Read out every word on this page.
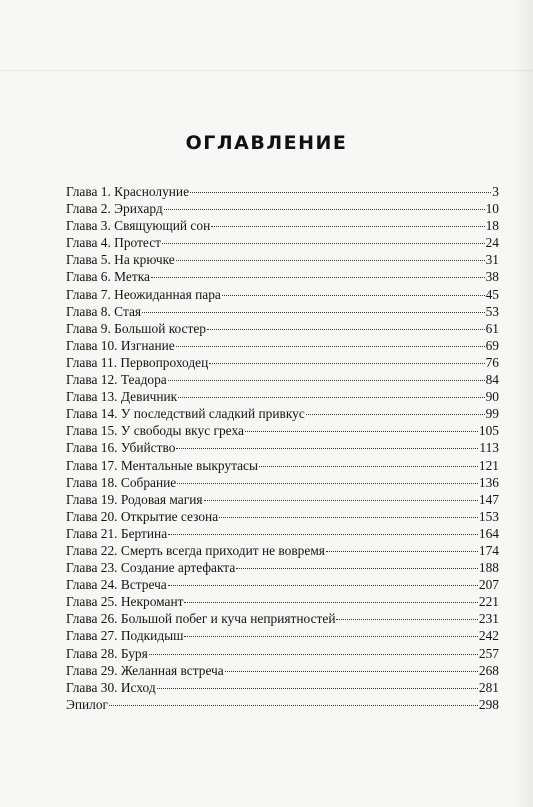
ОГЛАВЛЕНИЕ
Глава 1. Краснолуние	3
Глава 2. Эрихард	10
Глава 3. Свящующий сон	18
Глава 4. Протест	24
Глава 5. На крючке	31
Глава 6. Метка	38
Глава 7. Неожиданная пара	45
Глава 8. Стая	53
Глава 9. Большой костер	61
Глава 10. Изгнание	69
Глава 11. Первопроходец	76
Глава 12. Теадора	84
Глава 13. Девичник	90
Глава 14. У последствий сладкий привкус	99
Глава 15. У свободы вкус греха	105
Глава 16. Убийство	113
Глава 17. Ментальные выкрутасы	121
Глава 18. Собрание	136
Глава 19. Родовая магия	147
Глава 20. Открытие сезона	153
Глава 21. Бертина	164
Глава 22. Смерть всегда приходит не вовремя	174
Глава 23. Создание артефакта	188
Глава 24. Встреча	207
Глава 25. Некромант	221
Глава 26. Большой побег и куча неприятностей	231
Глава 27. Подкидыш	242
Глава 28. Буря	257
Глава 29. Желанная встреча	268
Глава 30. Исход	281
Эпилог	298
